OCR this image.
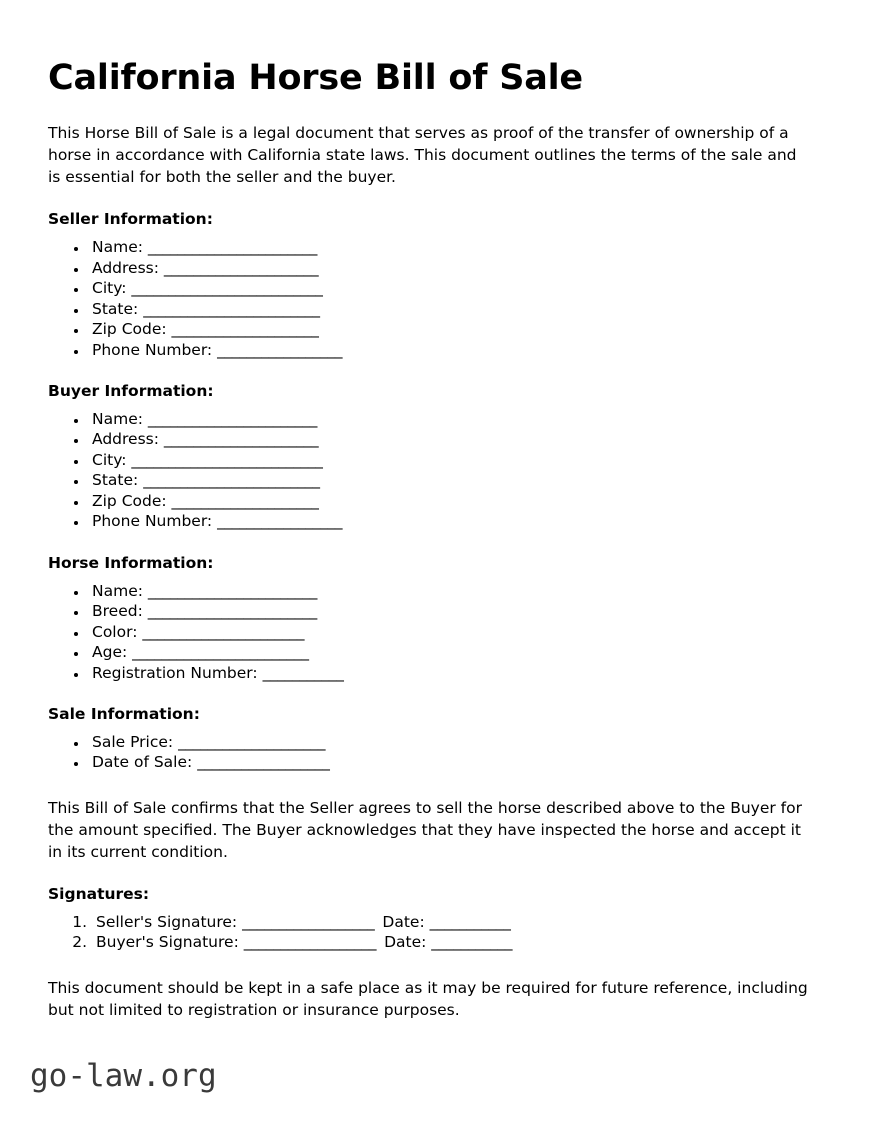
California Horse Bill of Sale

This Horse Bill of Sale is a legal document that serves as proof of the transfer of ownership of a horse in accordance with California state laws. This document outlines the terms of the sale and is essential for both the seller and the buyer.

Seller Information:
• Name: _______________________
• Address: _____________________
• City: __________________________
• State: ________________________
• Zip Code: ____________________
• Phone Number: _________________
Buyer Information:
• Name: _______________________
• Address: _____________________
• City: __________________________
• State: ________________________
• Zip Code: ____________________
• Phone Number: _________________
Horse Information:
• Name: _______________________
• Breed: _______________________
• Color: ______________________
• Age: ________________________
• Registration Number: ___________
Sale Information:
• Sale Price: ____________________
• Date of Sale: __________________

This Bill of Sale confirms that the Seller agrees to sell the horse described above to the Buyer for the amount specified. The Buyer acknowledges that they have inspected the horse and accept it in its current condition.

Signatures:
1. Seller's Signature: __________________ Date: ___________
2. Buyer's Signature: __________________ Date: ___________

This document should be kept in a safe place as it may be required for future reference, including but not limited to registration or insurance purposes.

go-law.org
